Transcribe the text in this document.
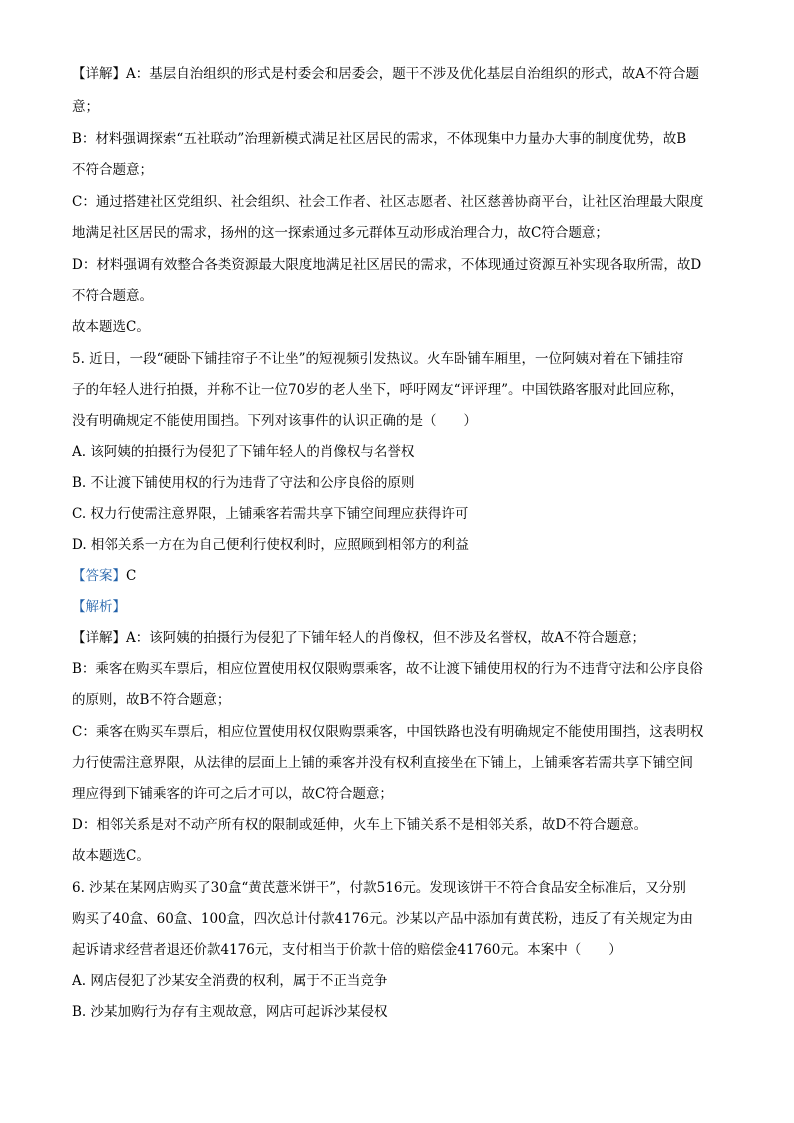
【详解】A：基层自治组织的形式是村委会和居委会，题干不涉及优化基层自治组织的形式，故A不符合题
意；
B：材料强调探索“五社联动”治理新模式满足社区居民的需求，不体现集中力量办大事的制度优势，故B
不符合题意；
C：通过搭建社区党组织、社会组织、社会工作者、社区志愿者、社区慈善协商平台，让社区治理最大限度
地满足社区居民的需求，扬州的这一探索通过多元群体互动形成治理合力，故C符合题意；
D：材料强调有效整合各类资源最大限度地满足社区居民的需求，不体现通过资源互补实现各取所需，故D
不符合题意。
故本题选C。
5. 近日，一段“硬卧下铺挂帘子不让坐”的短视频引发热议。火车卧铺车厢里，一位阿姨对着在下铺挂帘
子的年轻人进行拍摄，并称不让一位70岁的老人坐下，呼吁网友“评评理”。中国铁路客服对此回应称，
没有明确规定不能使用围挡。下列对该事件的认识正确的是（　　）
A. 该阿姨的拍摄行为侵犯了下铺年轻人的肖像权与名誉权
B. 不让渡下铺使用权的行为违背了守法和公序良俗的原则
C. 权力行使需注意界限，上铺乘客若需共享下铺空间理应获得许可
D. 相邻关系一方在为自己便利行使权利时，应照顾到相邻方的利益
【答案】C
【解析】
【详解】A：该阿姨的拍摄行为侵犯了下铺年轻人的肖像权，但不涉及名誉权，故A不符合题意；
B：乘客在购买车票后，相应位置使用权仅限购票乘客，故不让渡下铺使用权的行为不违背守法和公序良俗
的原则，故B不符合题意；
C：乘客在购买车票后，相应位置使用权仅限购票乘客，中国铁路也没有明确规定不能使用围挡，这表明权
力行使需注意界限，从法律的层面上上铺的乘客并没有权利直接坐在下铺上，上铺乘客若需共享下铺空间
理应得到下铺乘客的许可之后才可以，故C符合题意；
D：相邻关系是对不动产所有权的限制或延伸，火车上下铺关系不是相邻关系，故D不符合题意。
故本题选C。
6. 沙某在某网店购买了30盒“黄芪薏米饼干”，付款516元。发现该饼干不符合食品安全标准后，又分别
购买了40盒、60盒、100盒，四次总计付款4176元。沙某以产品中添加有黄芪粉，违反了有关规定为由
起诉请求经营者退还价款4176元，支付相当于价款十倍的赔偿金41760元。本案中（　　）
A. 网店侵犯了沙某安全消费的权利，属于不正当竞争
B. 沙某加购行为存有主观故意，网店可起诉沙某侵权
